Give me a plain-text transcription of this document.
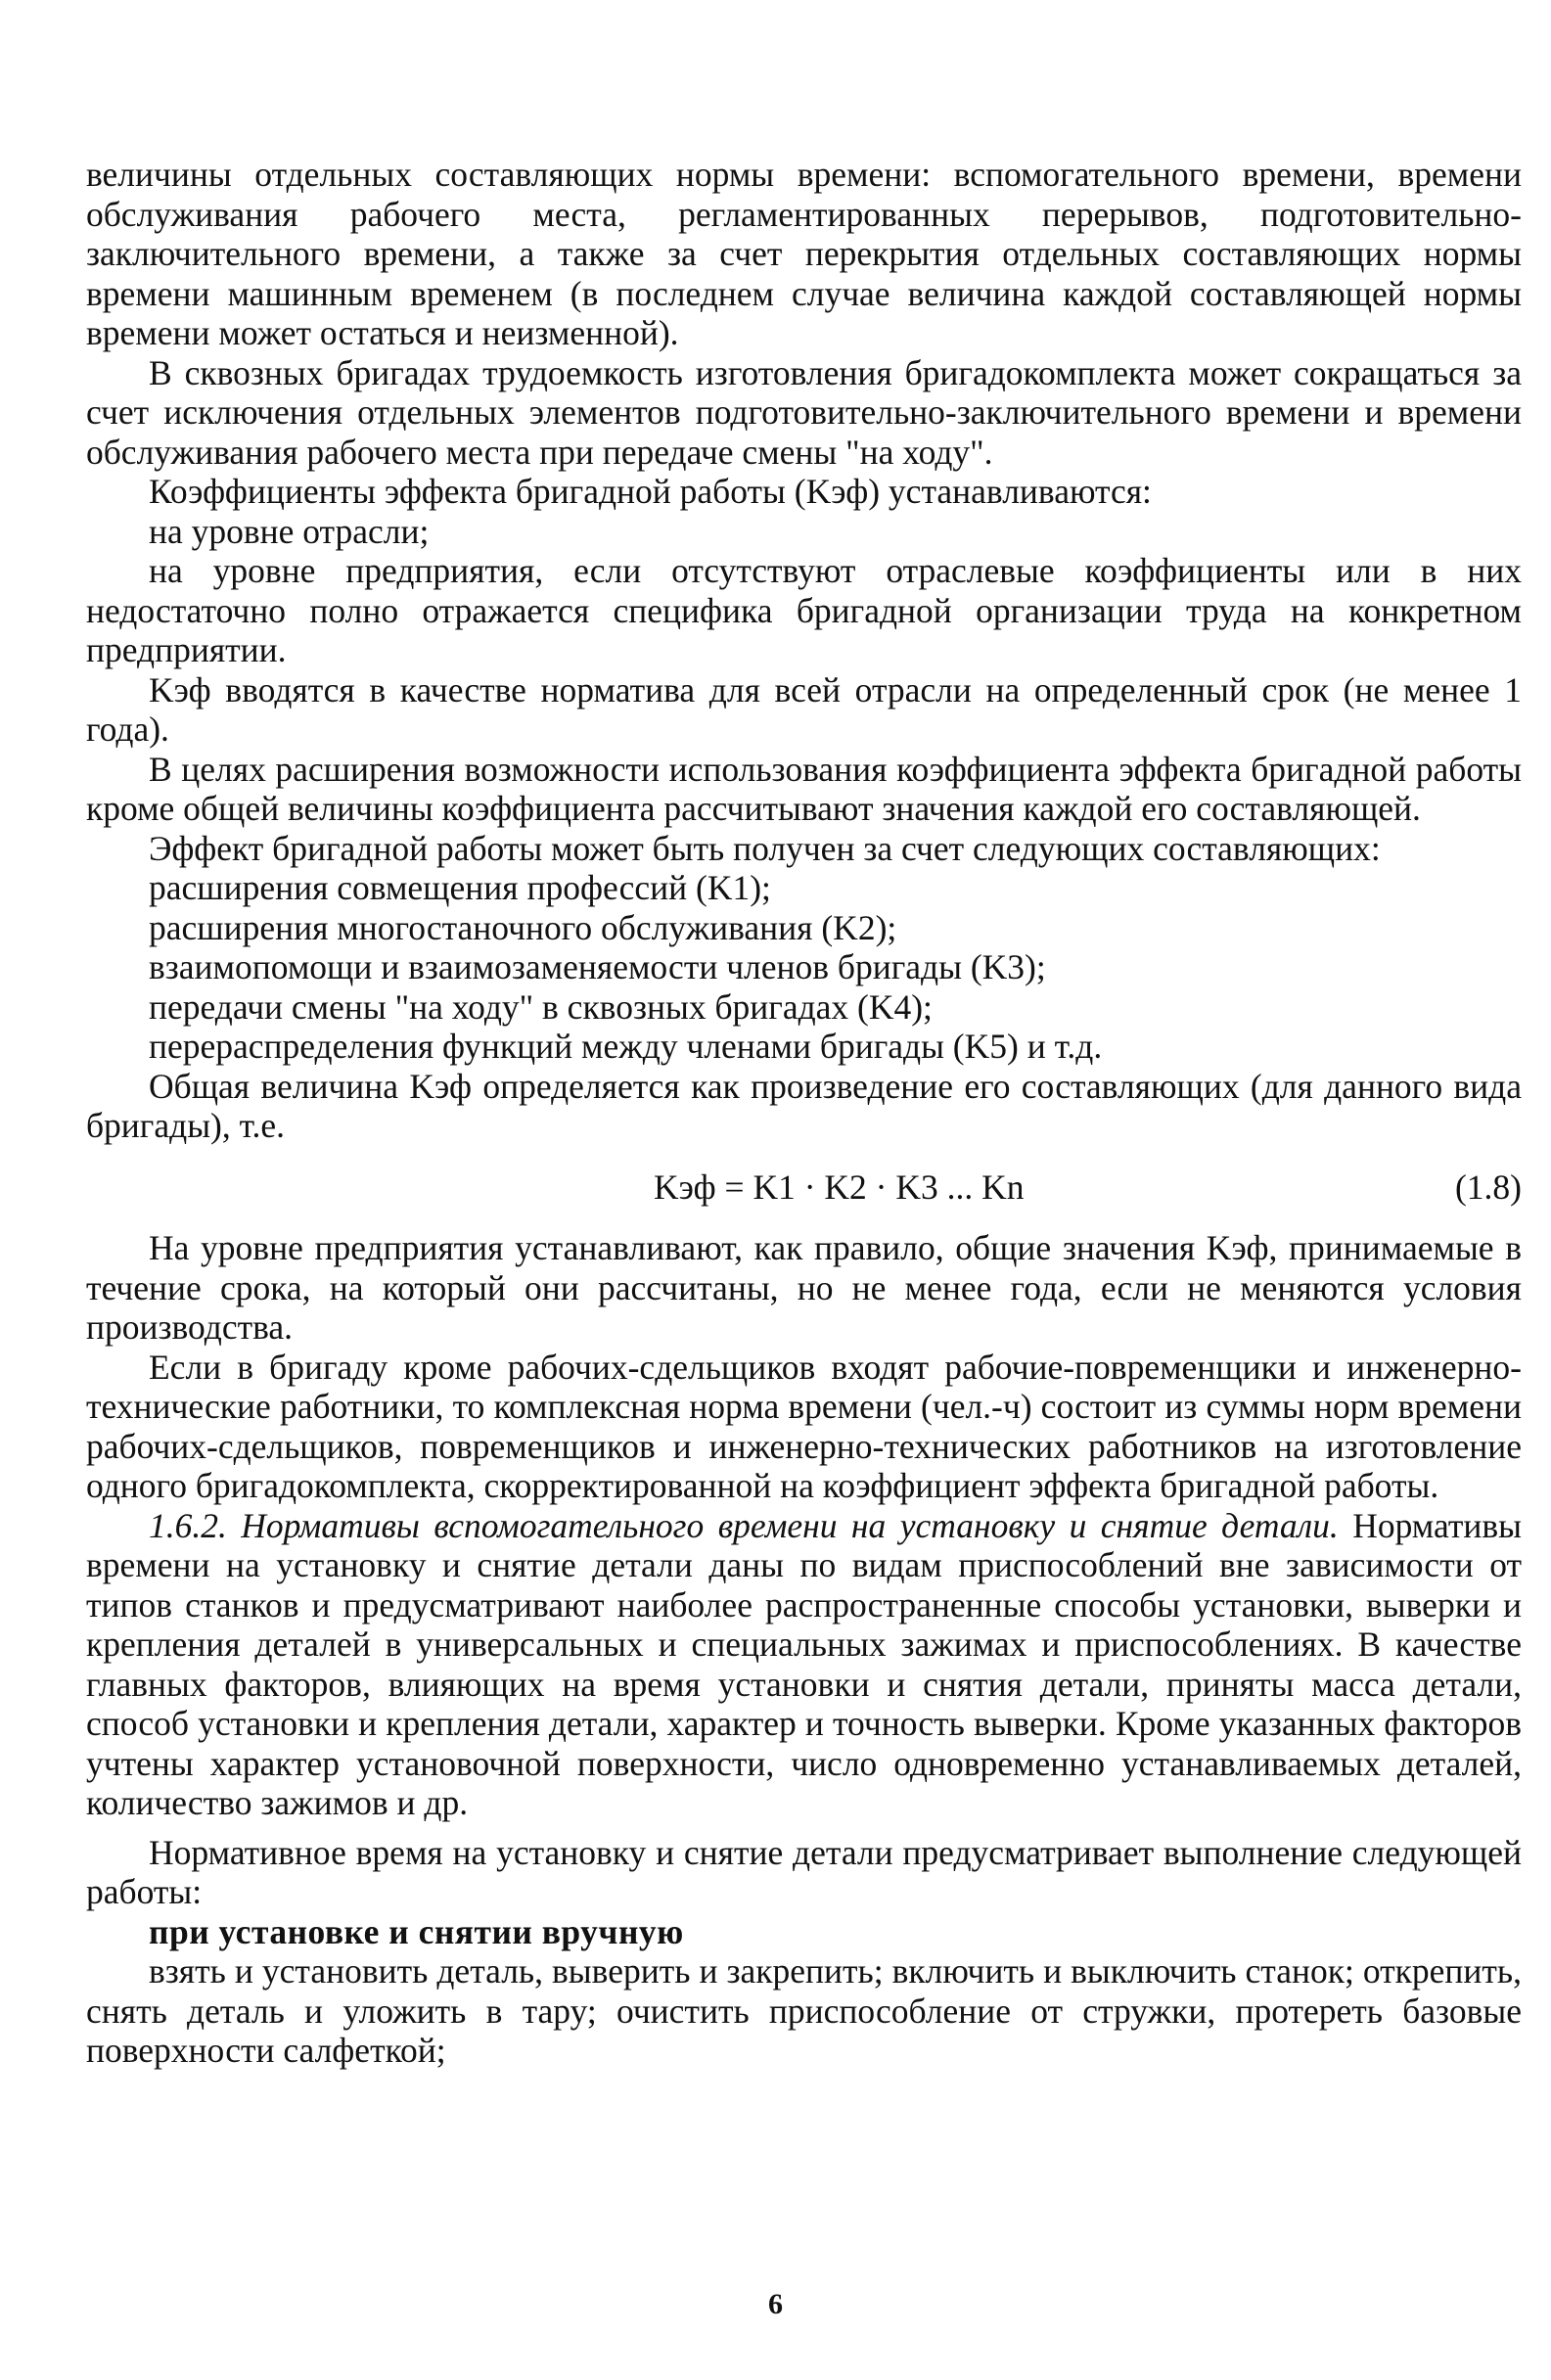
величины отдельных составляющих нормы времени: вспомогательного времени, времени обслуживания рабочего места, регламентированных перерывов, подготовительно-заключительного времени, а также за счет перекрытия отдельных составляющих нормы времени машинным временем (в последнем случае величина каждой составляющей нормы времени может остаться и неизменной).

В сквозных бригадах трудоемкость изготовления бригадокомплекта может сокращаться за счет исключения отдельных элементов подготовительно-заключительного времени и времени обслуживания рабочего места при передаче смены "на ходу".

Коэффициенты эффекта бригадной работы (Kэф) устанавливаются:

на уровне отрасли;

на уровне предприятия, если отсутствуют отраслевые коэффициенты или в них недостаточно полно отражается специфика бригадной организации труда на конкретном предприятии.

Kэф вводятся в качестве норматива для всей отрасли на определенный срок (не менее 1 года).

В целях расширения возможности использования коэффициента эффекта бригадной работы кроме общей величины коэффициента рассчитывают значения каждой его составляющей.

Эффект бригадной работы может быть получен за счет следующих составляющих:

расширения совмещения профессий (K1);

расширения многостаночного обслуживания (K2);

взаимопомощи и взаимозаменяемости членов бригады (K3);

передачи смены "на ходу" в сквозных бригадах (K4);

перераспределения функций между членами бригады (K5) и т.д.

Общая величина Kэф определяется как произведение его составляющих (для данного вида бригады), т.е.

Kэф = K1 · K2 · K3 ... Kn	(1.8)

На уровне предприятия устанавливают, как правило, общие значения Kэф, принимаемые в течение срока, на который они рассчитаны, но не менее года, если не меняются условия производства.

Если в бригаду кроме рабочих-сдельщиков входят рабочие-повременщики и инженерно-технические работники, то комплексная норма времени (чел.-ч) состоит из суммы норм времени рабочих-сдельщиков, повременщиков и инженерно-технических работников на изготовление одного бригадокомплекта, скорректированной на коэффициент эффекта бригадной работы.

1.6.2. Нормативы вспомогательного времени на установку и снятие детали. Нормативы времени на установку и снятие детали даны по видам приспособлений вне зависимости от типов станков и предусматривают наиболее распространенные способы установки, выверки и крепления деталей в универсальных и специальных зажимах и приспособлениях. В качестве главных факторов, влияющих на время установки и снятия детали, приняты масса детали, способ установки и крепления детали, характер и точность выверки. Кроме указанных факторов учтены характер установочной поверхности, число одновременно устанавливаемых деталей, количество зажимов и др.

Нормативное время на установку и снятие детали предусматривает выполнение следующей работы:

при установке и снятии вручную

взять и установить деталь, выверить и закрепить; включить и выключить станок; открепить, снять деталь и уложить в тару; очистить приспособление от стружки, протереть базовые поверхности салфеткой;

6
